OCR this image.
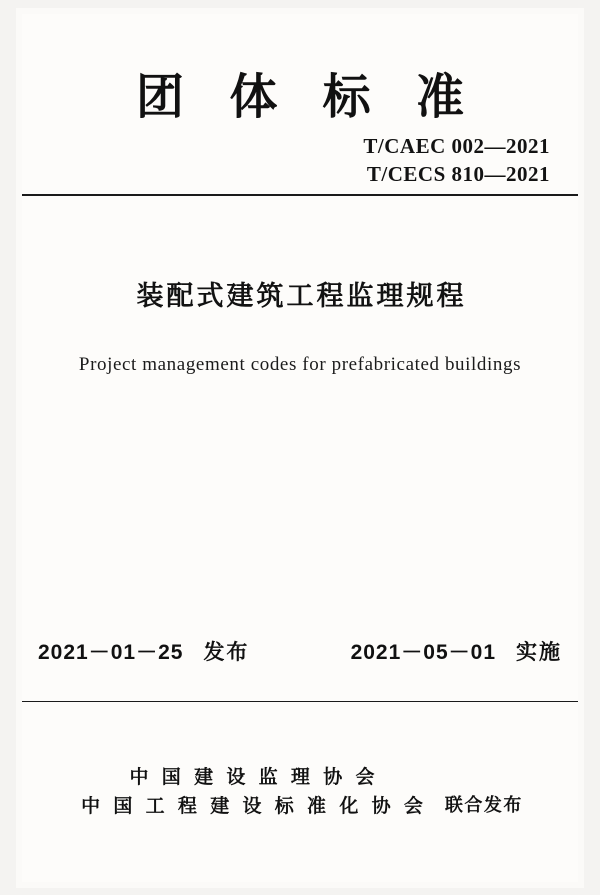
团 体 标 准
T/CAEC 002—2021
T/CECS 810—2021
装配式建筑工程监理规程
Project management codes for prefabricated buildings
2021－01－25 发布	2021－05－01 实施
中 国 建 设 监 理 协 会
中 国 工 程 建 设 标 准 化 协 会 联合发布
